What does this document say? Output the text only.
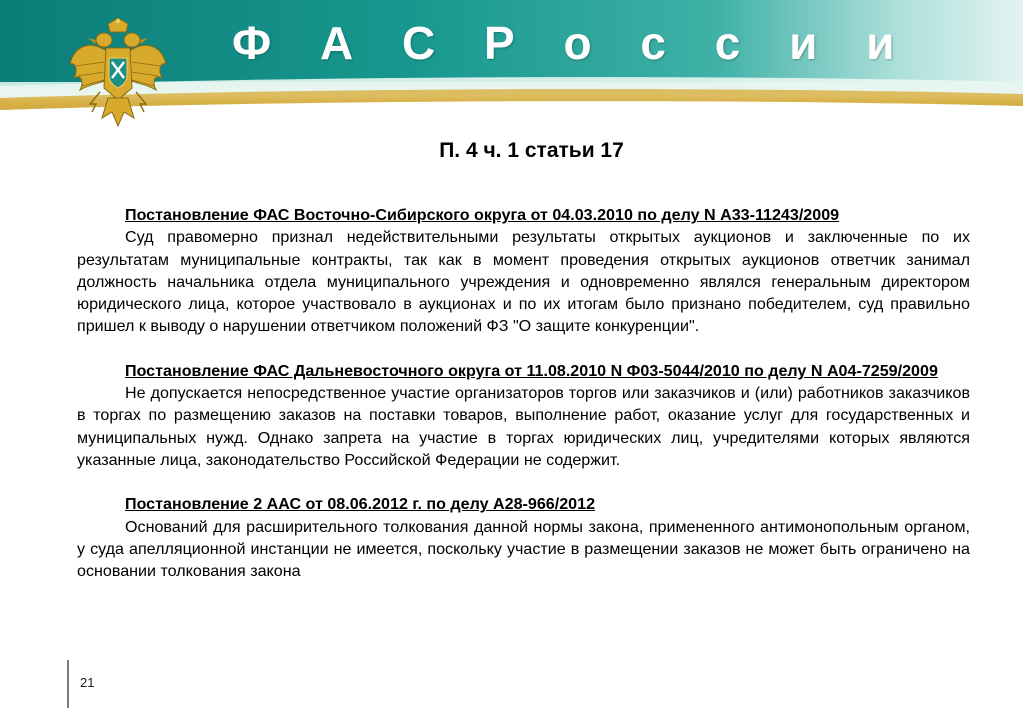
Ф А С Р о с с и и
П. 4 ч. 1 статьи 17

Постановление ФАС Восточно-Сибирского округа от 04.03.2010 по делу N А33-11243/2009

Суд правомерно признал недействительными результаты открытых аукционов и заключенные по их результатам муниципальные контракты, так как в момент проведения открытых аукционов ответчик занимал должность начальника отдела муниципального учреждения и одновременно являлся генеральным директором юридического лица, которое участвовало в аукционах и по их итогам было признано победителем, суд правильно пришел к выводу о нарушении ответчиком положений ФЗ "О защите конкуренции".

Постановление ФАС Дальневосточного округа от 11.08.2010 N Ф03-5044/2010 по делу N А04-7259/2009

Не допускается непосредственное участие организаторов торгов или заказчиков и (или) работников заказчиков в торгах по размещению заказов на поставки товаров, выполнение работ, оказание услуг для государственных и муниципальных нужд. Однако запрета на участие в торгах юридических лиц, учредителями которых являются указанные лица, законодательство Российской Федерации не содержит.

Постановление 2 ААС от 08.06.2012 г. по делу А28-966/2012

Оснований для расширительного толкования данной нормы закона, примененного антимонопольным органом, у суда апелляционной инстанции не имеется, поскольку участие в размещении заказов не может быть ограничено на основании толкования закона

21
